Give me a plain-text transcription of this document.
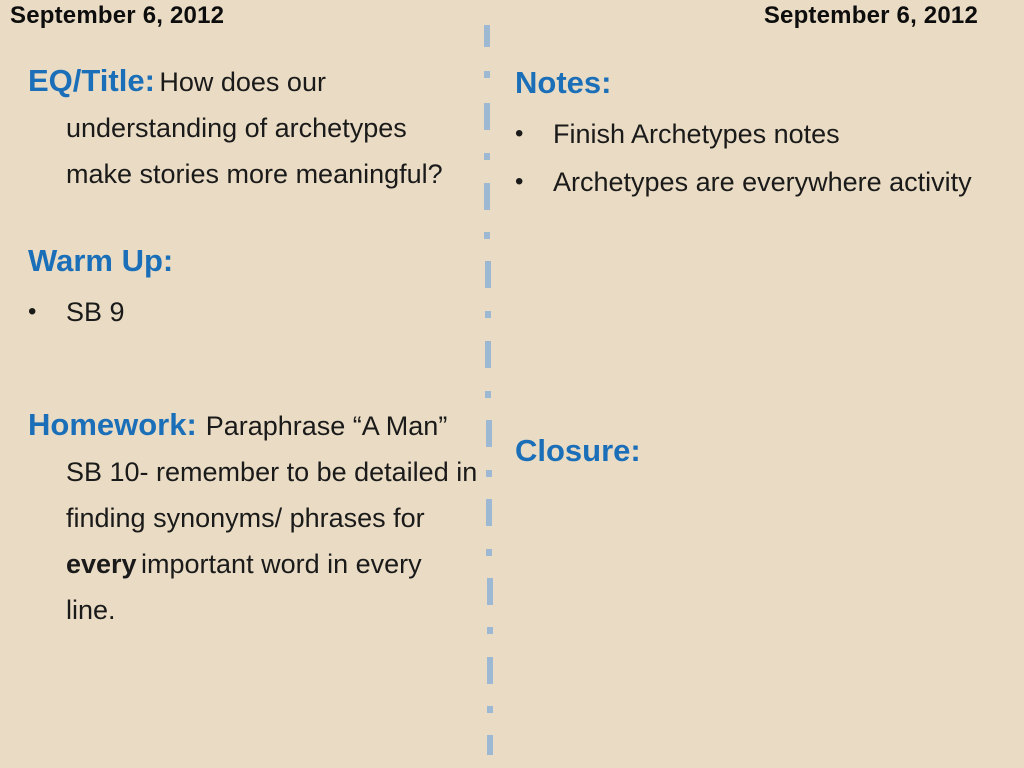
September 6, 2012	September 6, 2012

EQ/Title: How does our understanding of archetypes make stories more meaningful?

Warm Up:

• SB 9

Homework: Paraphrase “A Man” SB 10- remember to be detailed in finding synonyms/ phrases for every important word in every line.

Notes:

• Finish Archetypes notes
• Archetypes are everywhere activity

Closure:
